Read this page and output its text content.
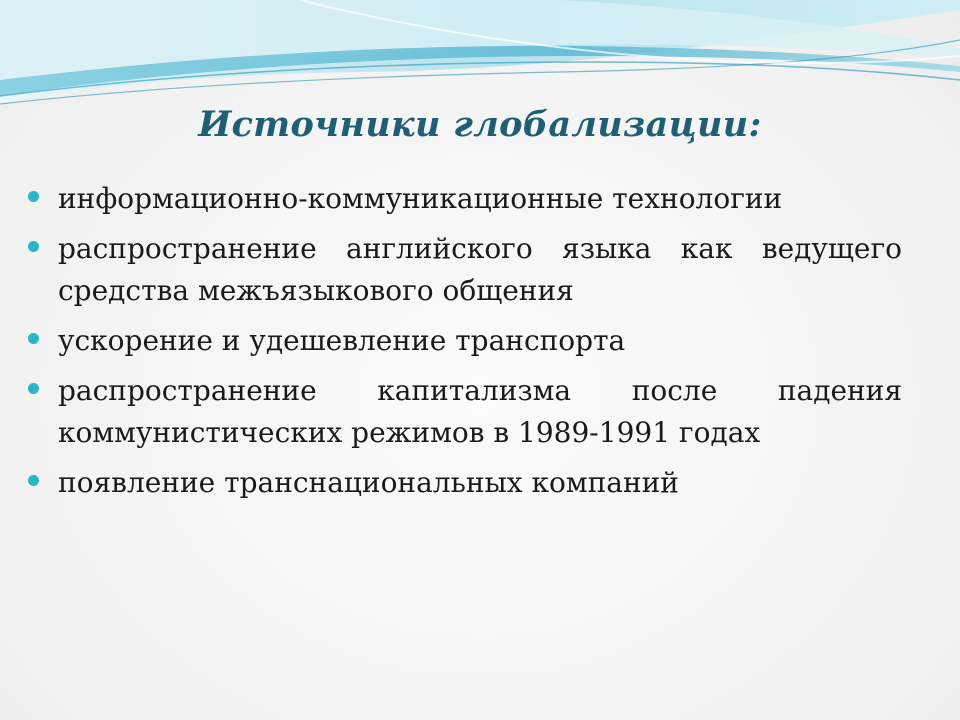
Источники глобализации:
информационно-коммуникационные технологии
распространение английского языка как ведущего средства межъязыкового общения
ускорение и удешевление транспорта
распространение капитализма после падения коммунистических режимов в 1989-1991 годах
появление транснациональных компаний
